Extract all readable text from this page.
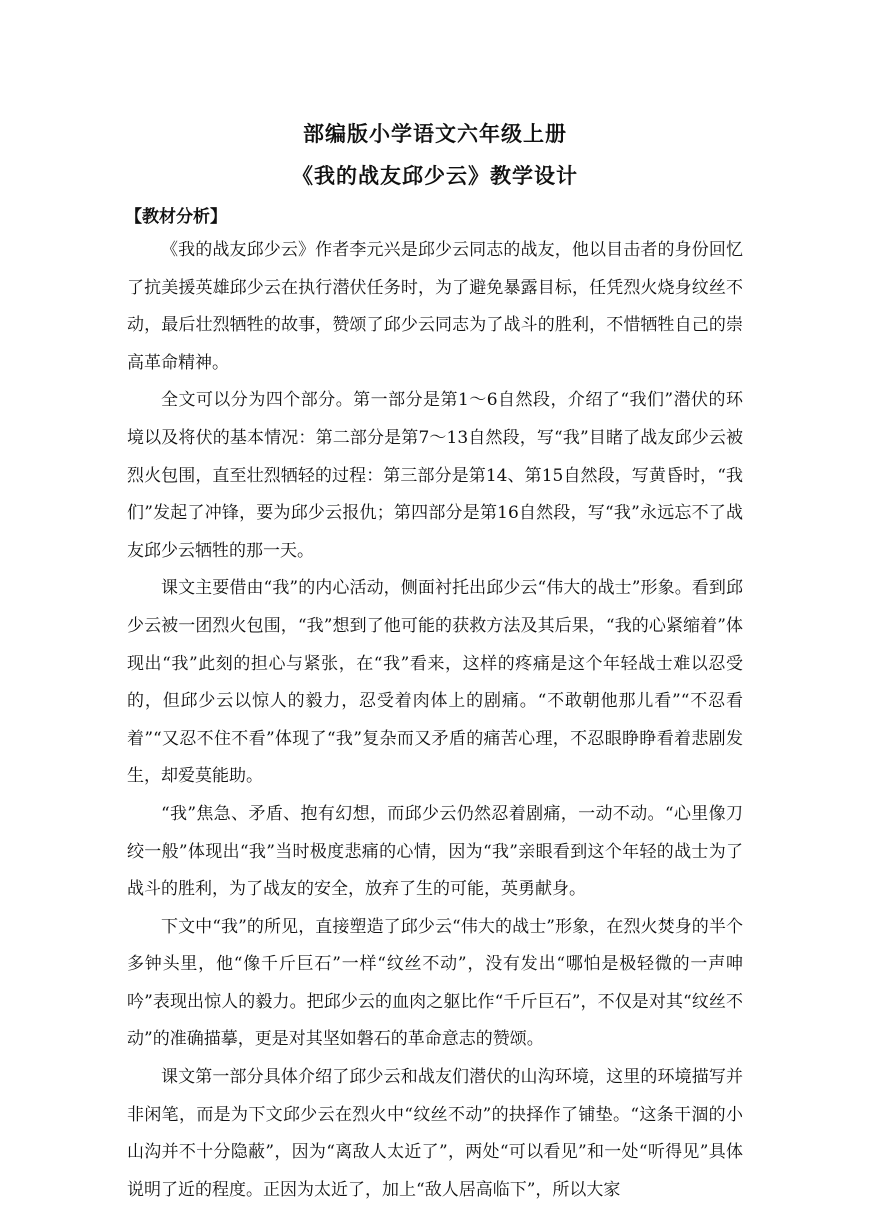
部编版小学语文六年级上册
《我的战友邱少云》教学设计
【教材分析】

《我的战友邱少云》作者李元兴是邱少云同志的战友，他以目击者的身份回忆了抗美援英雄邱少云在执行潜伏任务时，为了避免暴露目标，任凭烈火烧身纹丝不动，最后壮烈牺牲的故事，赞颂了邱少云同志为了战斗的胜利，不惜牺牲自己的崇高革命精神。

全文可以分为四个部分。第一部分是第1～6自然段，介绍了“我们”潜伏的环境以及将伏的基本情况：第二部分是第7～13自然段，写“我”目睹了战友邱少云被烈火包围，直至壮烈牺轻的过程：第三部分是第14、第15自然段，写黄昏时，“我们”发起了冲锋，要为邱少云报仇；第四部分是第16自然段，写“我”永远忘不了战友邱少云牺牲的那一天。

课文主要借由“我”的内心活动，侧面衬托出邱少云“伟大的战士”形象。看到邱少云被一团烈火包围，“我”想到了他可能的获救方法及其后果，“我的心紧缩着”体现出“我”此刻的担心与紧张，在“我”看来，这样的疼痛是这个年轻战士难以忍受的，但邱少云以惊人的毅力，忍受着肉体上的剧痛。“不敢朝他那儿看”“不忍看着”“又忍不住不看”体现了“我”复杂而又矛盾的痛苦心理，不忍眼睁睁看着悲剧发生，却爱莫能助。

“我”焦急、矛盾、抱有幻想，而邱少云仍然忍着剧痛，一动不动。“心里像刀绞一般”体现出“我”当时极度悲痛的心情，因为“我”亲眼看到这个年轻的战士为了战斗的胜利，为了战友的安全，放弃了生的可能，英勇献身。

下文中“我”的所见，直接塑造了邱少云“伟大的战士”形象，在烈火焚身的半个多钟头里，他“像千斤巨石”一样“纹丝不动”，没有发出“哪怕是极轻微的一声呻吟”表现出惊人的毅力。把邱少云的血肉之躯比作“千斤巨石”，不仅是对其“纹丝不动”的准确描摹，更是对其坚如磐石的革命意志的赞颂。

课文第一部分具体介绍了邱少云和战友们潜伏的山沟环境，这里的环境描写并非闲笔，而是为下文邱少云在烈火中“纹丝不动”的抉择作了铺垫。“这条干涸的小山沟并不十分隐蔽”，因为“离敌人太近了”，两处“可以看见”和一处“听得见”具体说明了近的程度。正因为太近了，加上“敌人居高临下”，所以大家
